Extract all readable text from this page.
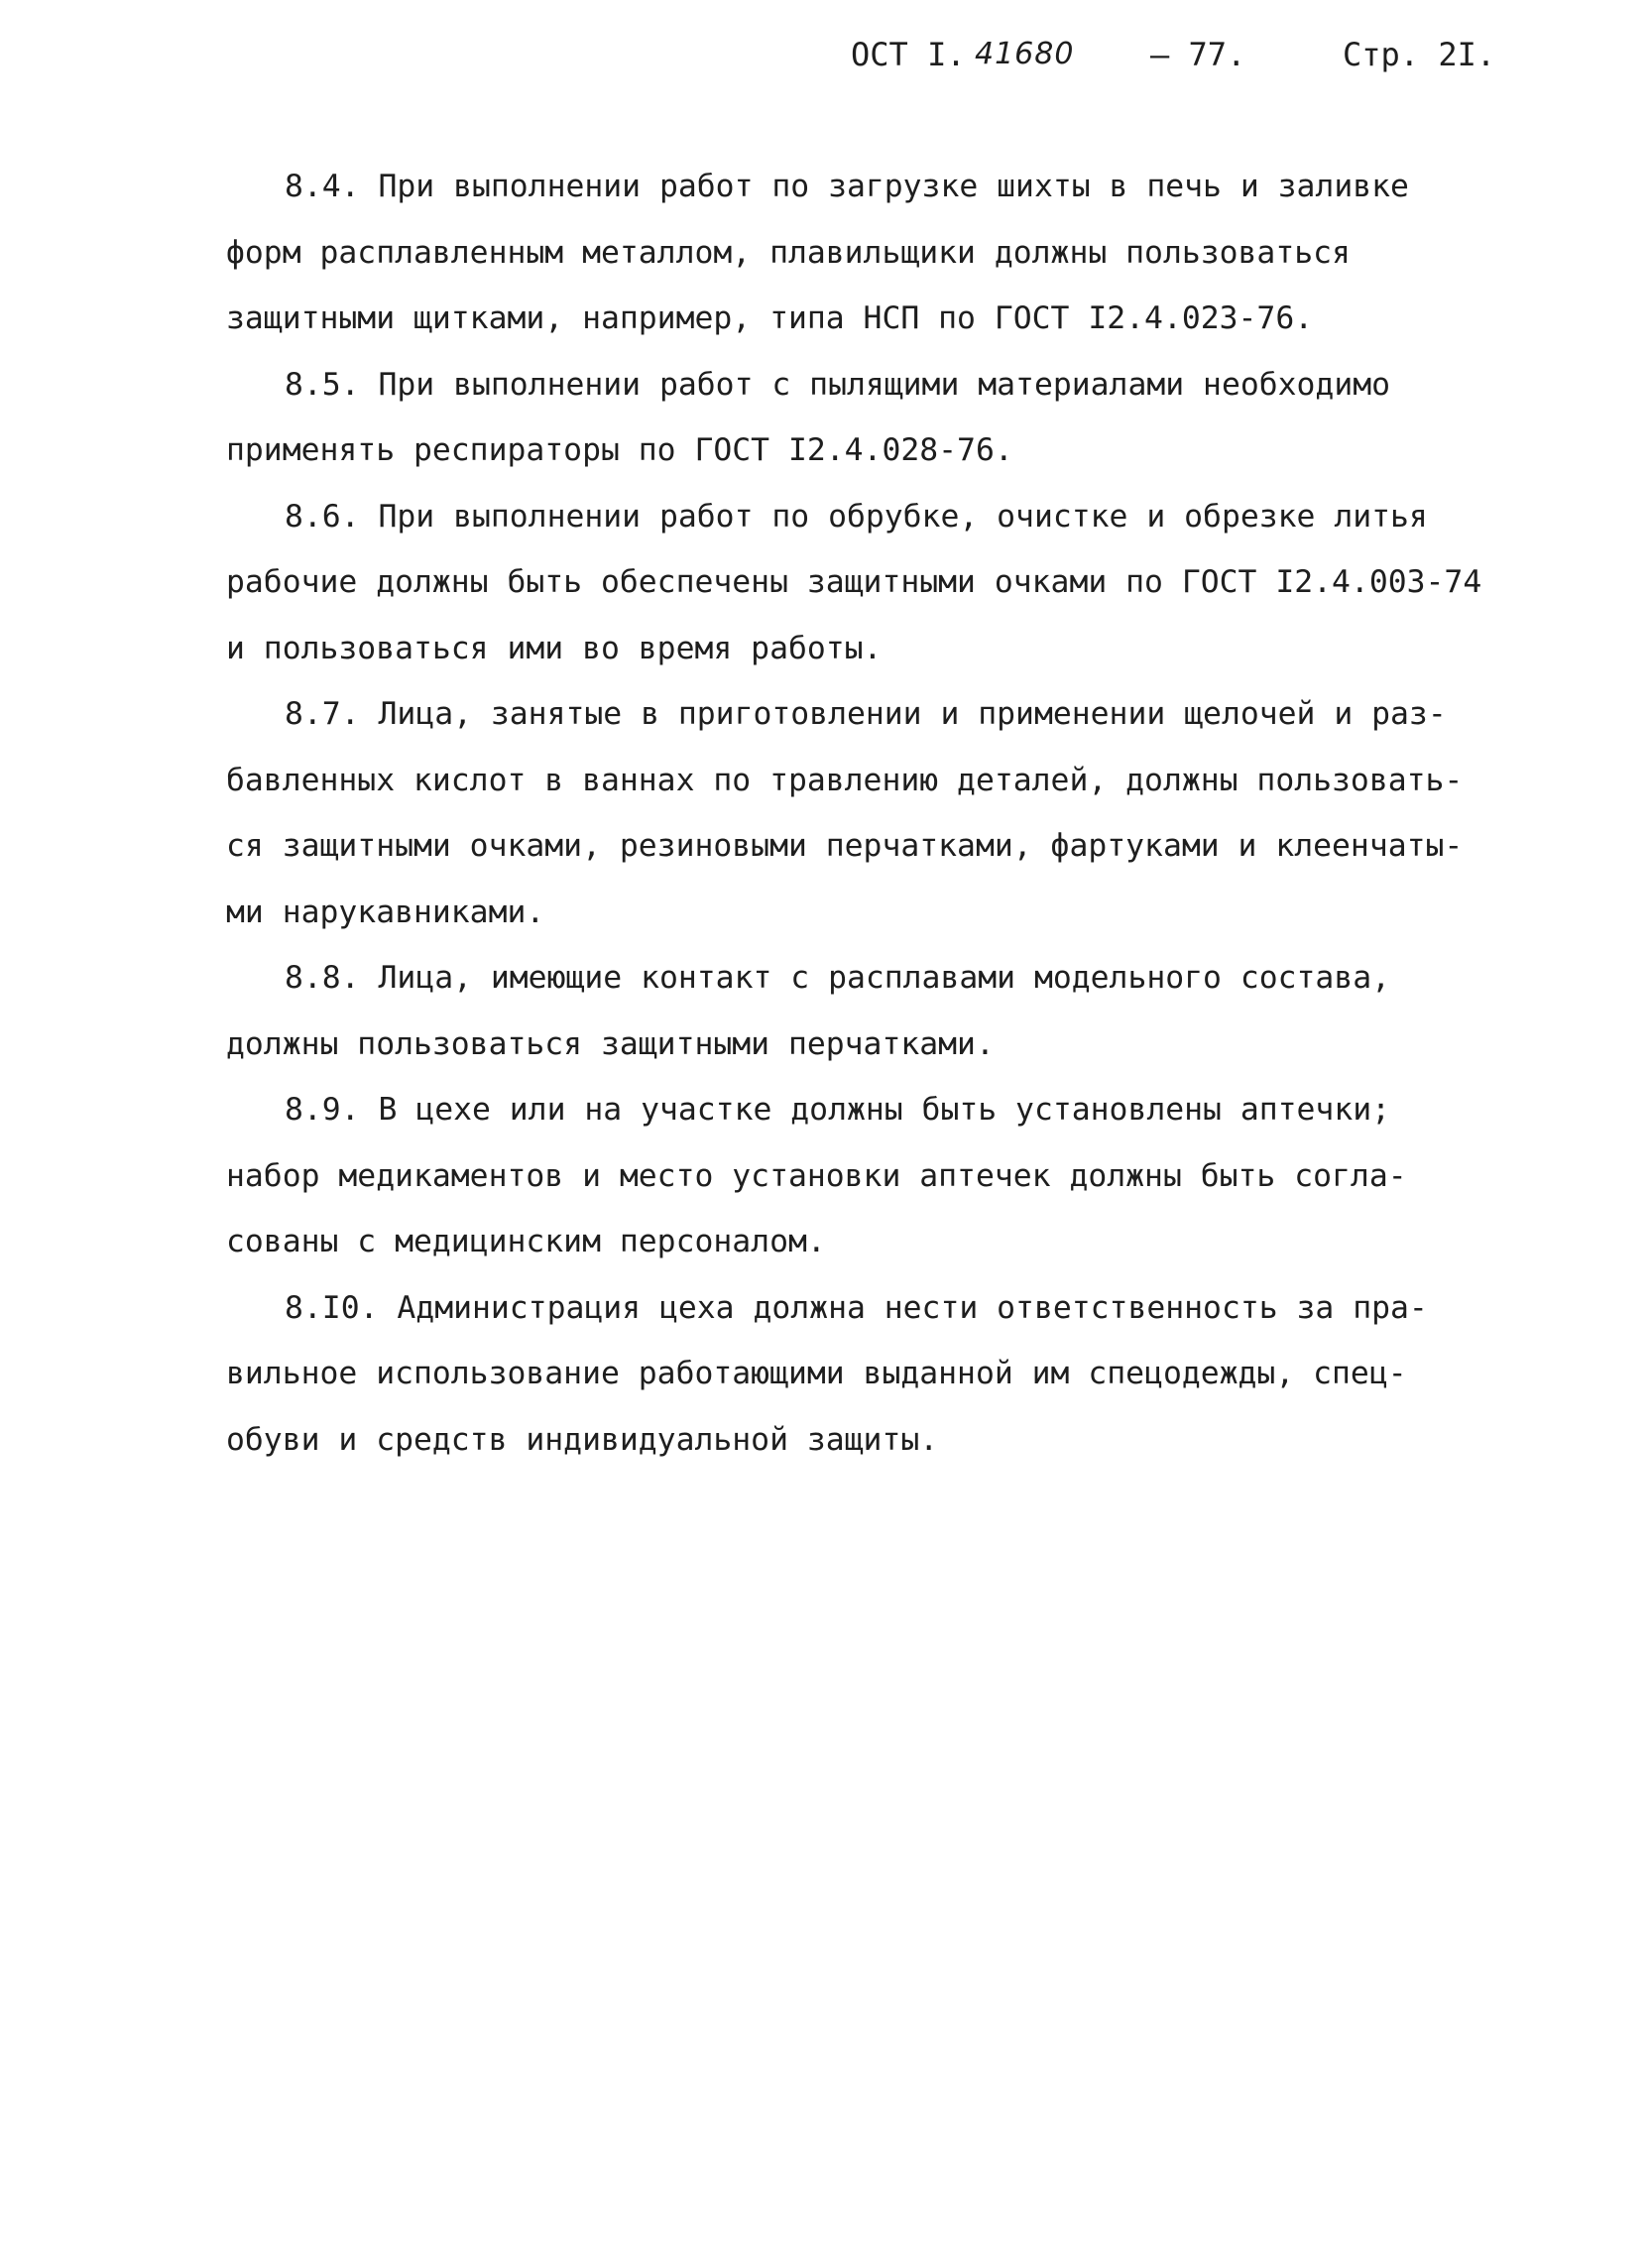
ОСТ I. 41680 – 77.	Стр. 2I.

8.4. При выполнении работ по загрузке шихты в печь и заливке
форм расплавленным металлом, плавильщики должны пользоваться
защитными щитками, например, типа НСП по ГОСТ I2.4.023-76.

8.5. При выполнении работ с пылящими материалами необходимо
применять респираторы по ГОСТ I2.4.028-76.

8.6. При выполнении работ по обрубке, очистке и обрезке литья
рабочие должны быть обеспечены защитными очками по ГОСТ I2.4.003-74
и пользоваться ими во время работы.

8.7. Лица, занятые в приготовлении и применении щелочей и раз-
бавленных кислот в ваннах по травлению деталей, должны пользовать-
ся защитными очками, резиновыми перчатками, фартуками и клеенчаты-
ми нарукавниками.

8.8. Лица, имеющие контакт с расплавами модельного состава,
должны пользоваться защитными перчатками.

8.9. В цехе или на участке должны быть установлены аптечки;
набор медикаментов и место установки аптечек должны быть согла-
сованы с медицинским персоналом.

8.I0. Администрация цеха должна нести ответственность за пра-
вильное использование работающими выданной им спецодежды, спец-
обуви и средств индивидуальной защиты.
